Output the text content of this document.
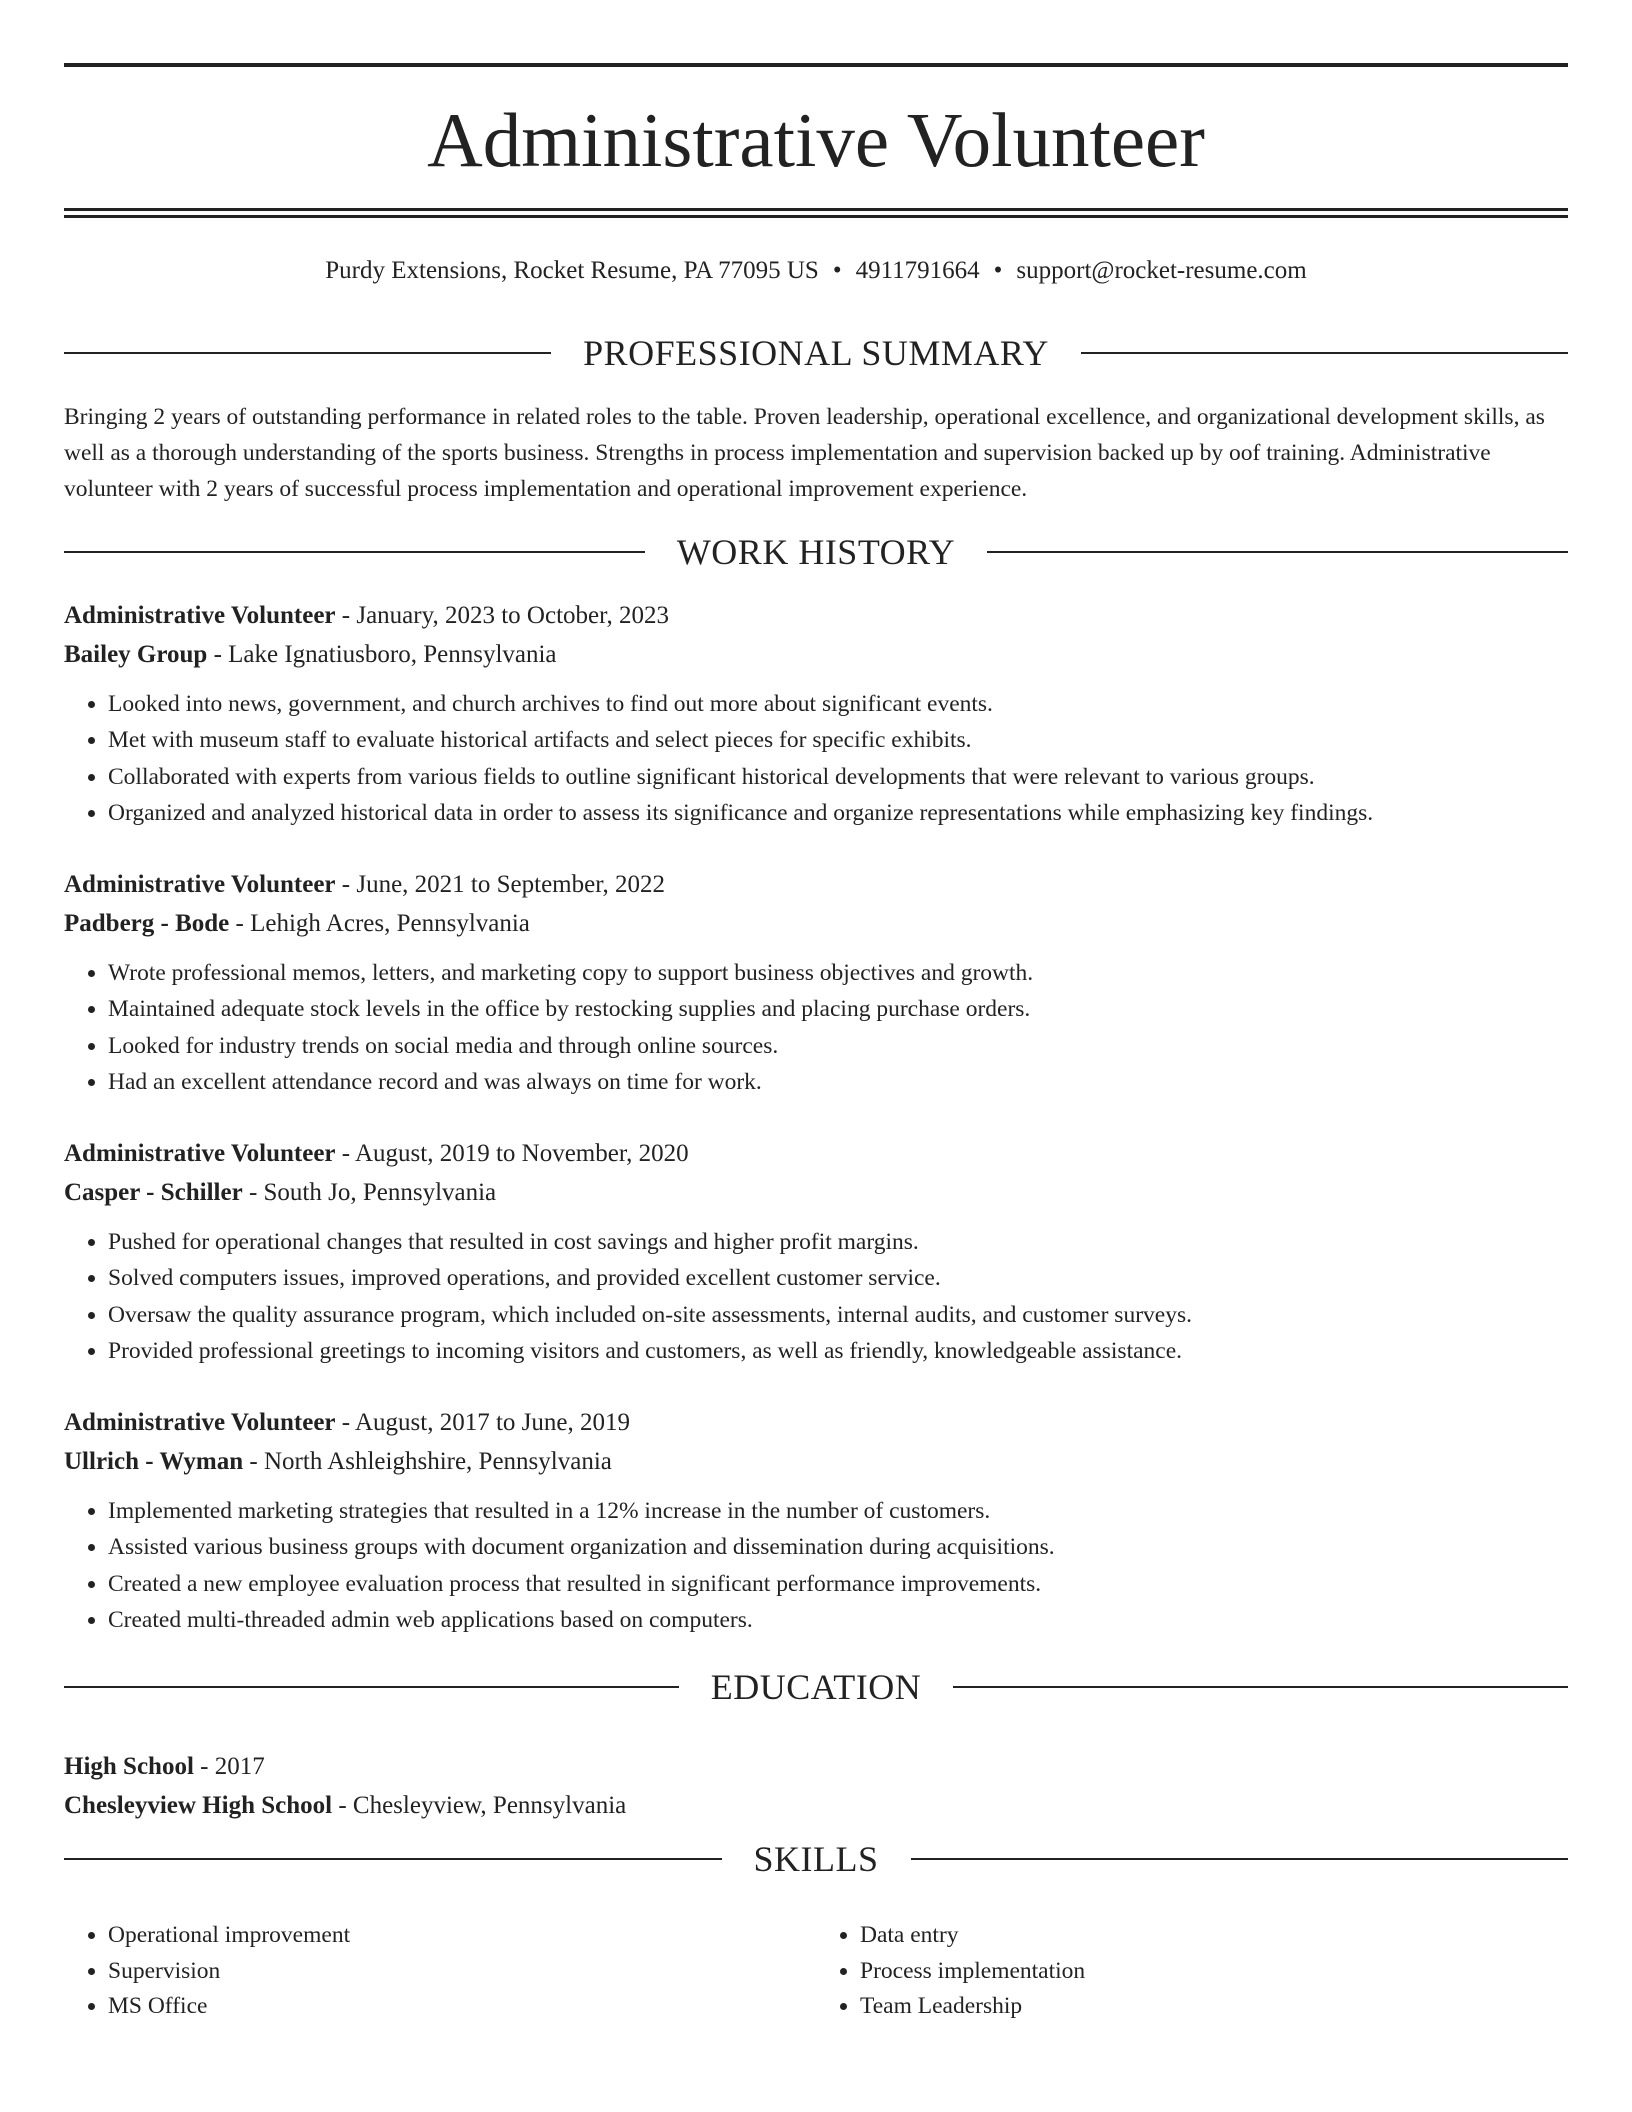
Administrative Volunteer
Purdy Extensions, Rocket Resume, PA 77095 US • 4911791664 • support@rocket-resume.com
PROFESSIONAL SUMMARY

Bringing 2 years of outstanding performance in related roles to the table. Proven leadership, operational excellence, and organizational development skills, as well as a thorough understanding of the sports business. Strengths in process implementation and supervision backed up by oof training. Administrative volunteer with 2 years of successful process implementation and operational improvement experience.

WORK HISTORY
Administrative Volunteer - January, 2023 to October, 2023
Bailey Group - Lake Ignatiusboro, Pennsylvania
• Looked into news, government, and church archives to find out more about significant events.
• Met with museum staff to evaluate historical artifacts and select pieces for specific exhibits.
• Collaborated with experts from various fields to outline significant historical developments that were relevant to various groups.
• Organized and analyzed historical data in order to assess its significance and organize representations while emphasizing key findings.
Administrative Volunteer - June, 2021 to September, 2022
Padberg - Bode - Lehigh Acres, Pennsylvania
• Wrote professional memos, letters, and marketing copy to support business objectives and growth.
• Maintained adequate stock levels in the office by restocking supplies and placing purchase orders.
• Looked for industry trends on social media and through online sources.
• Had an excellent attendance record and was always on time for work.
Administrative Volunteer - August, 2019 to November, 2020
Casper - Schiller - South Jo, Pennsylvania
• Pushed for operational changes that resulted in cost savings and higher profit margins.
• Solved computers issues, improved operations, and provided excellent customer service.
• Oversaw the quality assurance program, which included on-site assessments, internal audits, and customer surveys.
• Provided professional greetings to incoming visitors and customers, as well as friendly, knowledgeable assistance.
Administrative Volunteer - August, 2017 to June, 2019
Ullrich - Wyman - North Ashleighshire, Pennsylvania
• Implemented marketing strategies that resulted in a 12% increase in the number of customers.
• Assisted various business groups with document organization and dissemination during acquisitions.
• Created a new employee evaluation process that resulted in significant performance improvements.
• Created multi-threaded admin web applications based on computers.
EDUCATION
High School - 2017
Chesleyview High School - Chesleyview, Pennsylvania
SKILLS
• Operational improvement
• Supervision
• MS Office
• Data entry
• Process implementation
• Team Leadership
